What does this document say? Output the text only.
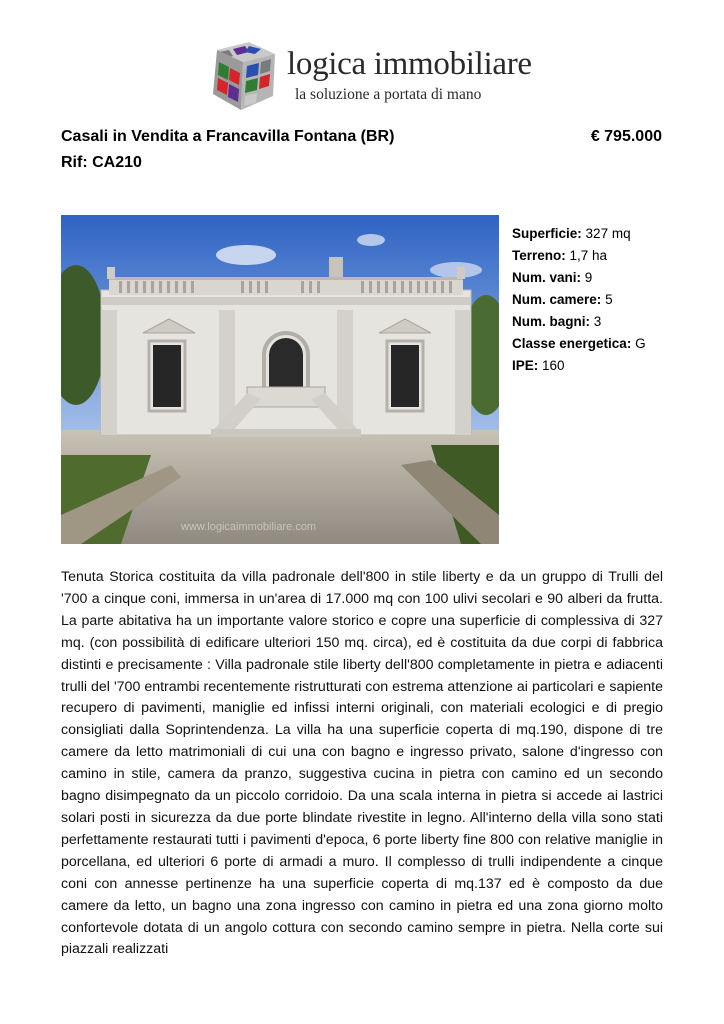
logica immobiliare
la soluzione a portata di mano
Casali in Vendita a Francavilla Fontana (BR)
Rif: CA210
€ 795.000
www.logicaimmobiliare.com
Superficie: 327 mq
Terreno: 1,7 ha
Num. vani: 9
Num. camere: 5
Num. bagni: 3
Classe energetica: G
IPE: 160

Tenuta Storica costituita da villa padronale dell'800 in stile liberty e da un gruppo di Trulli del '700 a cinque coni, immersa in un'area di 17.000 mq con 100 ulivi secolari e 90 alberi da frutta. La parte abitativa ha un importante valore storico e copre una superficie di complessiva di 327 mq. (con possibilità di edificare ulteriori 150 mq. circa), ed è costituita da due corpi di fabbrica distinti e precisamente : Villa padronale stile liberty dell'800 completamente in pietra e adiacenti trulli del '700 entrambi recentemente ristrutturati con estrema attenzione ai particolari e sapiente recupero di pavimenti, maniglie ed infissi interni originali, con materiali ecologici e di pregio consigliati dalla Soprintendenza. La villa ha una superficie coperta di mq.190, dispone di tre camere da letto matrimoniali di cui una con bagno e ingresso privato, salone d'ingresso con camino in stile, camera da pranzo, suggestiva cucina in pietra con camino ed un secondo bagno disimpegnato da un piccolo corridoio. Da una scala interna in pietra si accede ai lastrici solari posti in sicurezza da due porte blindate rivestite in legno. All'interno della villa sono stati perfettamente restaurati tutti i pavimenti d'epoca, 6 porte liberty fine 800 con relative maniglie in porcellana, ed ulteriori 6 porte di armadi a muro. Il complesso di trulli indipendente a cinque coni con annesse pertinenze ha una superficie coperta di mq.137 ed è composto da due camere da letto, un bagno una zona ingresso con camino in pietra ed una zona giorno molto confortevole dotata di un angolo cottura con secondo camino sempre in pietra. Nella corte sui piazzali realizzati
